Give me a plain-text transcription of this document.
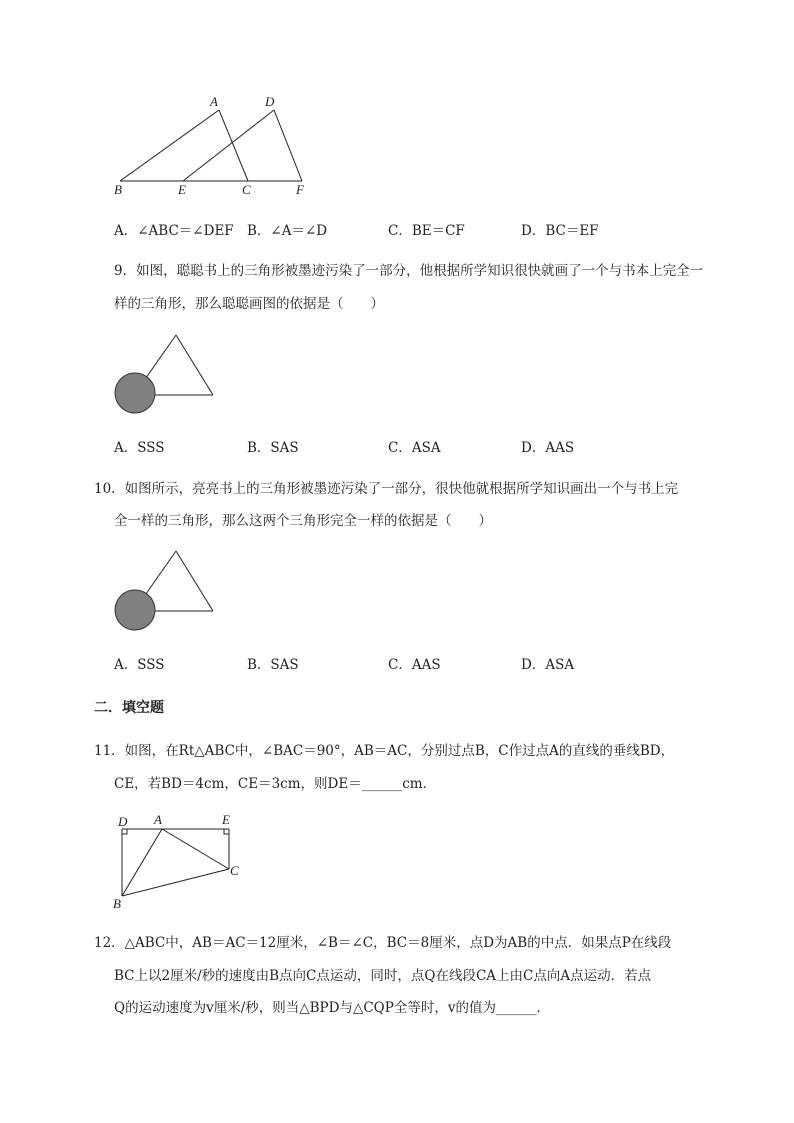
A	D
B	E	C	F
A．∠ABC＝∠DEF B．∠A＝∠D	C．BE＝CF	D．BC＝EF
9．如图，聪聪书上的三角形被墨迹污染了一部分，他根据所学知识很快就画了一个与书本上完全一
样的三角形，那么聪聪画图的依据是（　　）
A．SSS	B．SAS	C．ASA	D．AAS
10．如图所示，亮亮书上的三角形被墨迹污染了一部分，很快他就根据所学知识画出一个与书上完
全一样的三角形，那么这两个三角形完全一样的依据是（　　）
A．SSS	B．SAS	C．AAS	D．ASA
二．填空题
11．如图，在Rt△ABC中，∠BAC＝90°，AB＝AC，分别过点B，C作过点A的直线的垂线BD，
CE，若BD＝4cm，CE＝3cm，则DE＝______cm．
D A	E
C
B
12．△ABC中，AB＝AC＝12厘米，∠B＝∠C，BC＝8厘米，点D为AB的中点．如果点P在线段
BC上以2厘米/秒的速度由B点向C点运动，同时，点Q在线段CA上由C点向A点运动．若点
Q的运动速度为v厘米/秒，则当△BPD与△CQP全等时，v的值为______．
